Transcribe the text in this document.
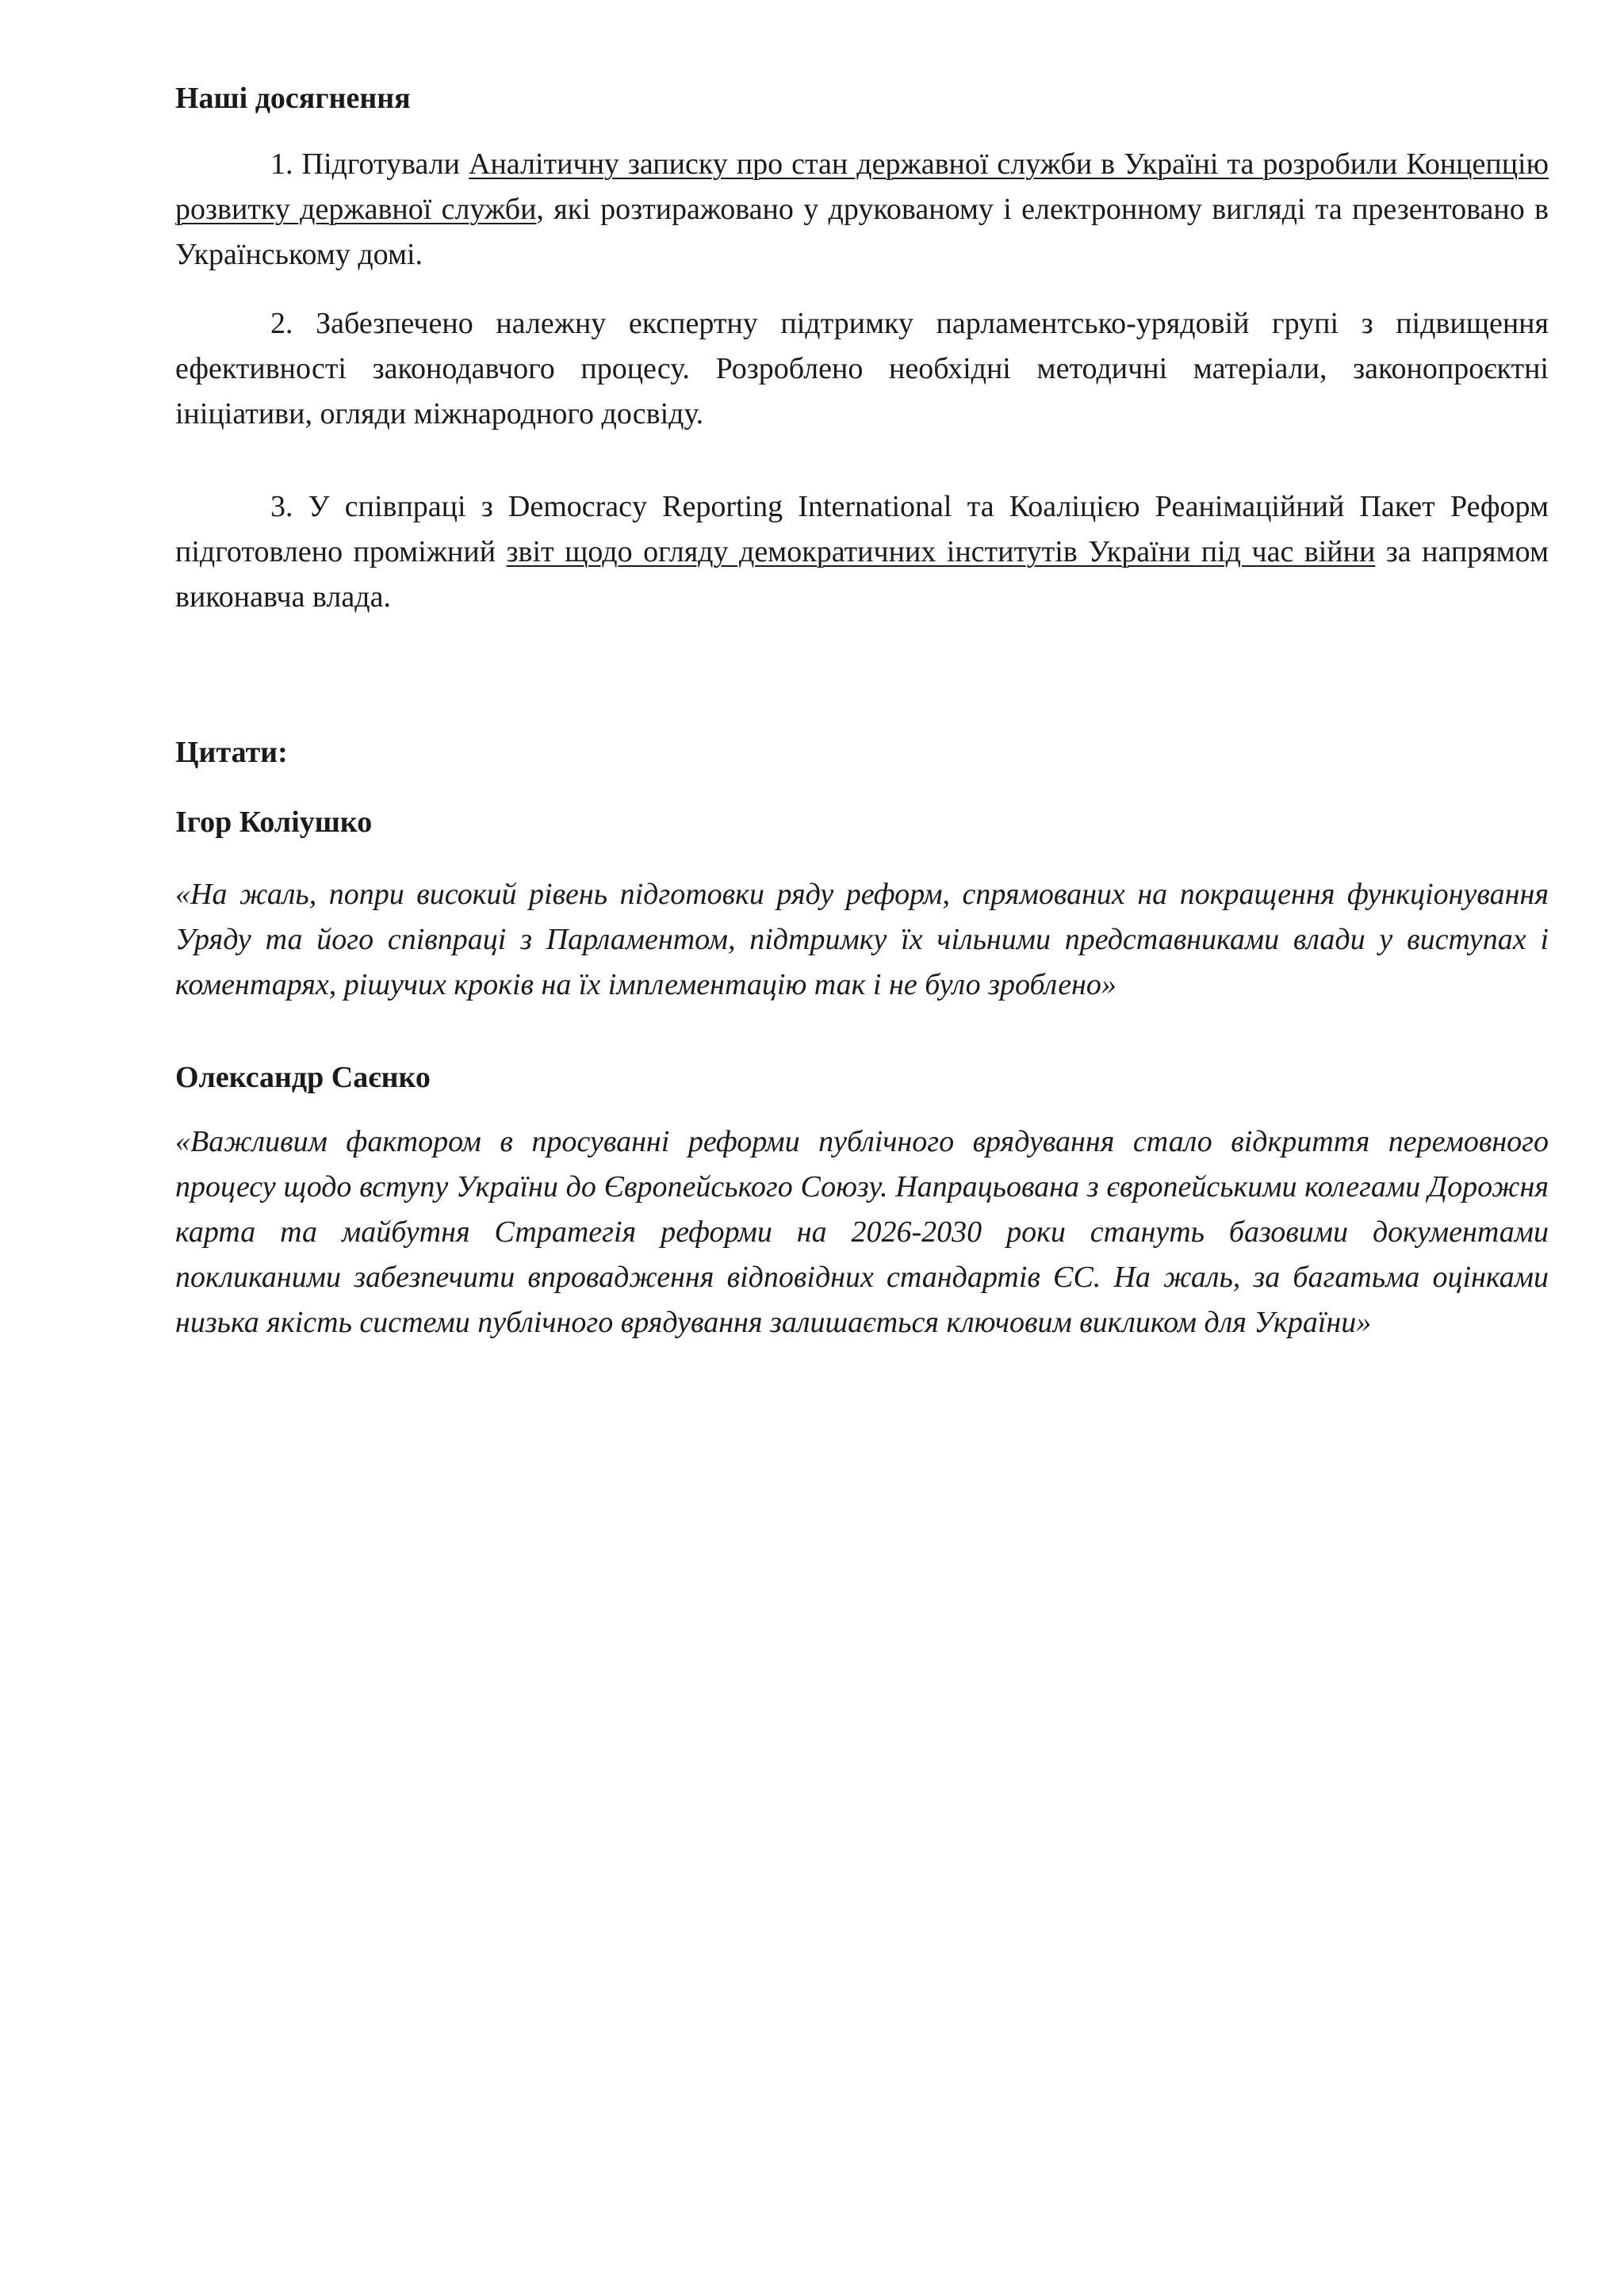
Наші досягнення

1. Підготували Аналітичну записку про стан державної служби в Україні та розробили Концепцію розвитку державної служби, які розтиражовано у друкованому і електронному вигляді та презентовано в Українському домі.

2. Забезпечено належну експертну підтримку парламентсько-урядовій групі з підвищення ефективності законодавчого процесу. Розроблено необхідні методичні матеріали, законопроєктні ініціативи, огляди міжнародного досвіду.

3. У співпраці з Democracy Reporting International та Коаліцією Реанімаційний Пакет Реформ підготовлено проміжний звіт щодо огляду демократичних інститутів України під час війни за напрямом виконавча влада.

Цитати:

Ігор Коліушко

«На жаль, попри високий рівень підготовки ряду реформ, спрямованих на покращення функціонування Уряду та його співпраці з Парламентом, підтримку їх чільними представниками влади у виступах і коментарях, рішучих кроків на їх імплементацію так і не було зроблено»

Олександр Саєнко

«Важливим фактором в просуванні реформи публічного врядування стало відкриття перемовного процесу щодо вступу України до Європейського Союзу. Напрацьована з європейськими колегами Дорожня карта та майбутня Стратегія реформи на 2026-2030 роки стануть базовими документами покликаними забезпечити впровадження відповідних стандартів ЄС. На жаль, за багатьма оцінками низька якість системи публічного врядування залишається ключовим викликом для України»
